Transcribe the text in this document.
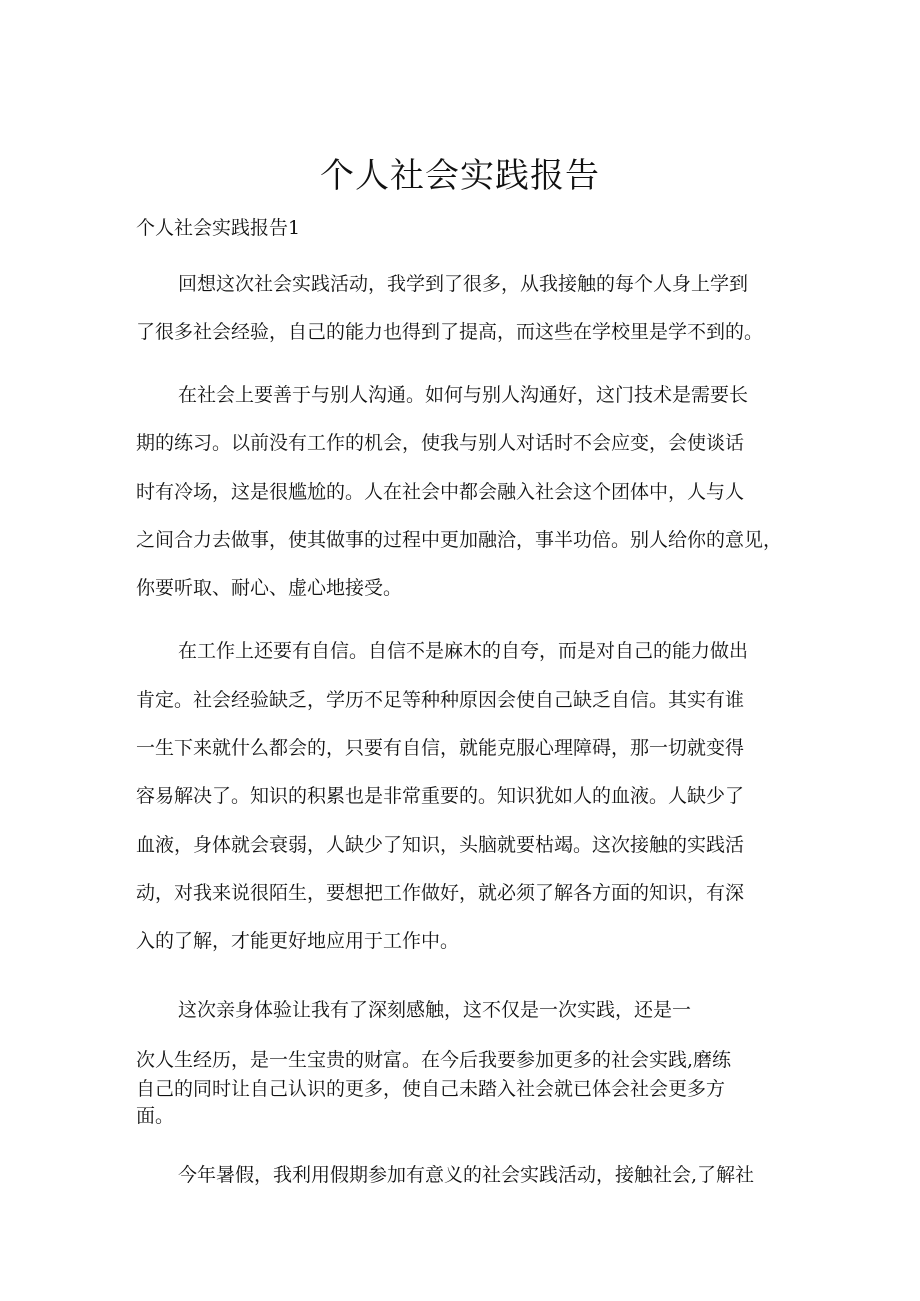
个人社会实践报告

个人社会实践报告1

回想这次社会实践活动，我学到了很多，从我接触的每个人身上学到

了很多社会经验，自己的能力也得到了提高，而这些在学校里是学不到的。

在社会上要善于与别人沟通。如何与别人沟通好，这门技术是需要长

期的练习。以前没有工作的机会，使我与别人对话时不会应变，会使谈话

时有冷场，这是很尴尬的。人在社会中都会融入社会这个团体中，人与人

之间合力去做事，使其做事的过程中更加融洽，事半功倍。别人给你的意见，

你要听取、耐心、虚心地接受。

在工作上还要有自信。自信不是麻木的自夸，而是对自己的能力做出

肯定。社会经验缺乏，学历不足等种种原因会使自己缺乏自信。其实有谁

一生下来就什么都会的，只要有自信，就能克服心理障碍，那一切就变得

容易解决了。知识的积累也是非常重要的。知识犹如人的血液。人缺少了

血液，身体就会衰弱，人缺少了知识，头脑就要枯竭。这次接触的实践活

动，对我来说很陌生，要想把工作做好，就必须了解各方面的知识，有深

入的了解，才能更好地应用于工作中。

这次亲身体验让我有了深刻感触，这不仅是一次实践，还是一

次人生经历，是一生宝贵的财富。在今后我要参加更多的社会实践,磨练

自己的同时让自己认识的更多，使自己未踏入社会就已体会社会更多方

面。

今年暑假，我利用假期参加有意义的社会实践活动，接触社会,了解社
